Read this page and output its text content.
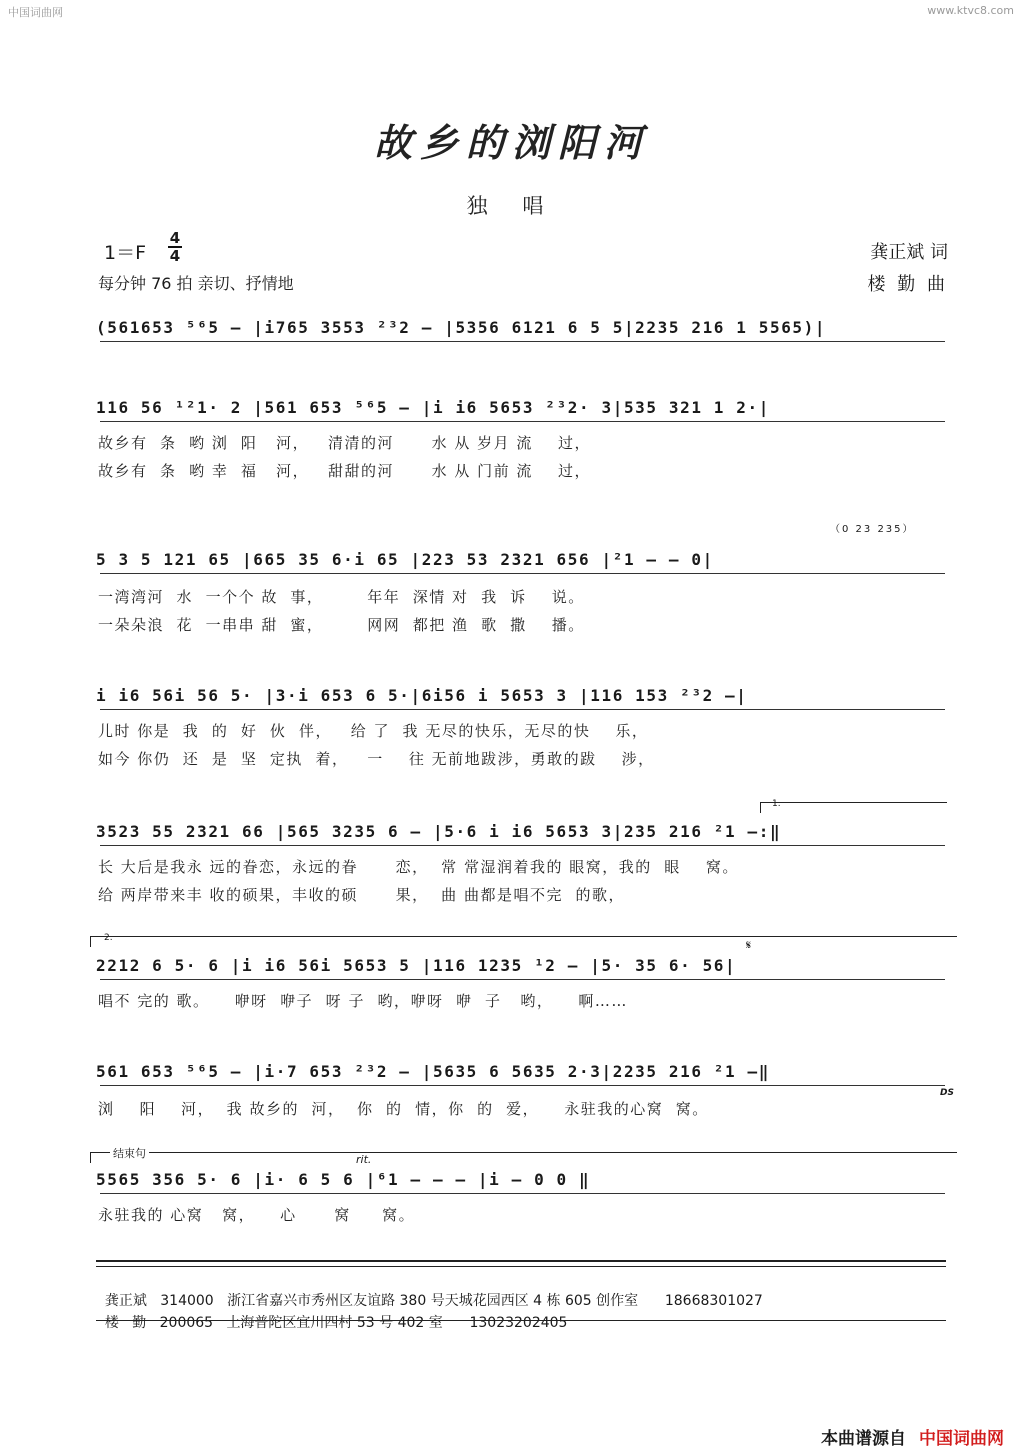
中国词曲网	www.ktvc8.com
故乡的浏阳河
独 唱
1＝F
4
4
每分钟 76 拍 亲切、抒情地
龚正斌 词
楼 勤 曲
(561653 ⁵⁶5 – |i765 3553 ²³2 – |5356 6121 6 5 5|2235 216 1 5565)|
116 56 ¹²1· 2 |561 653 ⁵⁶5 – |i i6 5653 ²³2· 3|535 321 1 2·|
故乡有  条  哟 浏  阳   河，   清清的河      水 从 岁月 流    过，
故乡有  条  哟 幸  福   河，   甜甜的河      水 从 门前 流    过，
（0 23 235）
5 3 5 121 65 |665 35 6·i 65 |223 53 2321 656 |²1 – – 0|
一湾湾河  水  一个个 故  事，       年年  深情 对  我  诉    说。
一朵朵浪  花  一串串 甜  蜜，       网网  都把 渔  歌  撒    播。
i i6 56i 56 5· |3·i 653 6 5·|6i56 i 5653 3 |116 153 ²³2 –|
儿时 你是  我  的  好  伙  伴，   给 了  我 无尽的快乐，无尽的快    乐，
如今 你仍  还  是  坚  定执  着，   一    往 无前地跋涉，勇敢的跋    涉，
1.
3523 55 2321 66 |565 3235 6 – |5·6 i i6 5653 3|235 216 ²1 –:‖
长 大后是我永 远的眷恋，永远的眷      恋，  常 常湿润着我的 眼窝，我的  眼    窝。
给 两岸带来丰 收的硕果，丰收的硕      果，  曲 曲都是唱不完  的歌，
2.	𝄋
2212 6 5· 6 |i i6 56i 5653 5 |116 1235 ¹2 – |5· 35 6· 56|
唱不 完的 歌。    咿呀  咿子  呀 子  哟，咿呀  咿  子   哟，    啊……
561 653 ⁵⁶5 – |i·7 653 ²³2 – |5635 6 5635 2·3|2235 216 ²1 –‖
DS
浏    阳    河，  我 故乡的  河，  你  的  情，你  的  爱，    永驻我的心窝  窝。
结束句	rit.
5565 356 5· 6 |i· 6 5 6 |⁶1 – – – |i – 0 0 ‖
永驻我的 心窝   窝，    心      窝     窝。

龚正斌 314000 浙江省嘉兴市秀州区友谊路 380 号天城花园西区 4 栋 605 创作室 18668301027

楼   勤 200065 上海普陀区宜川四村 53 号 402 室 13023202405

本曲谱源自 中国词曲网
